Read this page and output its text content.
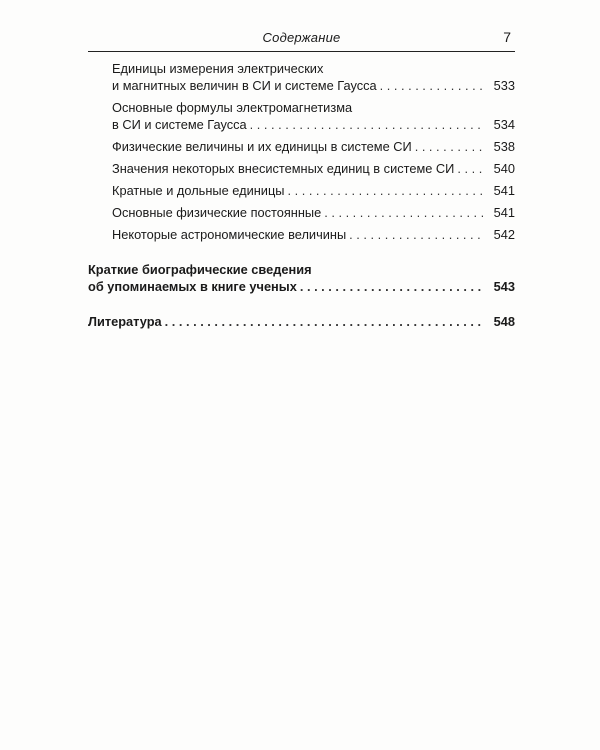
Содержание	7
Единицы измерения электрических
и магнитных величин в СИ и системе Гаусса . . .	533
Основные формулы электромагнетизма
в СИ и системе Гаусса . . .	534
Физические величины и их единицы в системе СИ . . .	538
Значения некоторых внесистемных единиц в системе СИ . . .	540
Кратные и дольные единицы . . .	541
Основные физические постоянные . . .	541
Некоторые астрономические величины . . .	542
Краткие биографические сведения
об упоминаемых в книге ученых . . .	543
Литература . . .	548
